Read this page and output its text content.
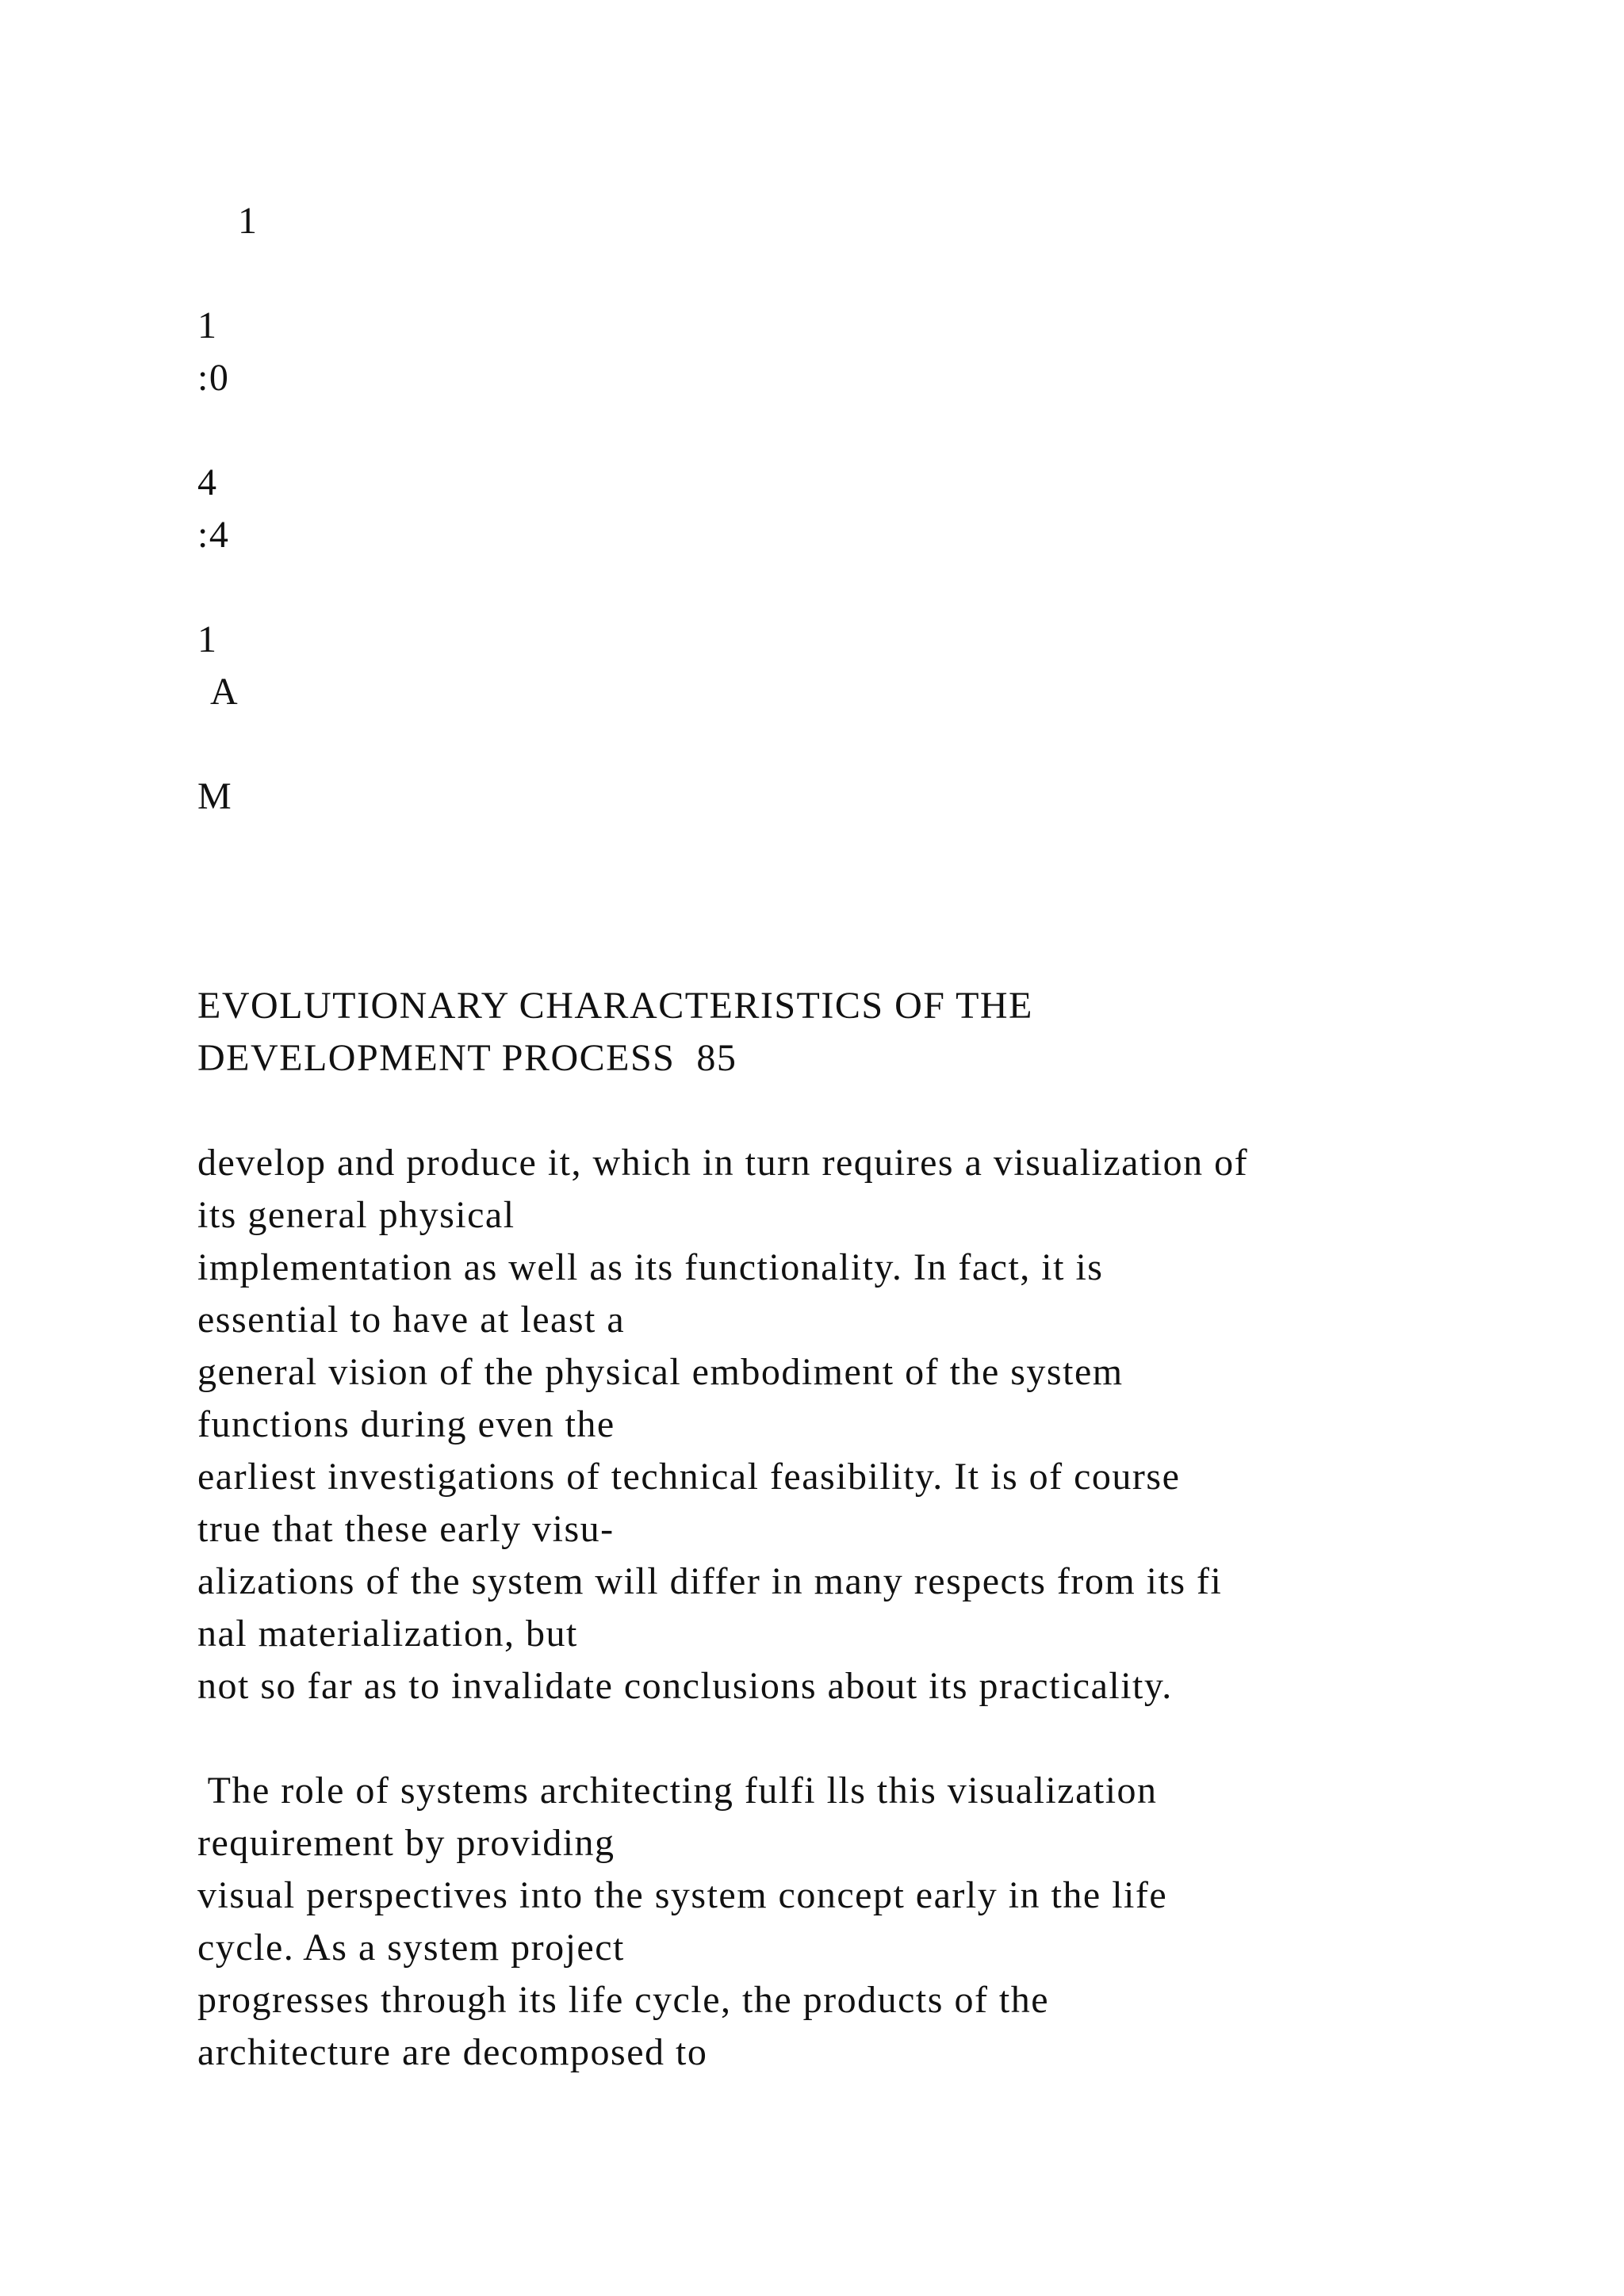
1
1
:0
4
:4
1
A
M
EVOLUTIONARY CHARACTERISTICS OF THE
DEVELOPMENT PROCESS  85
develop and produce it, which in turn requires a visualization of
its general physical
implementation as well as its functionality. In fact, it is
essential to have at least a
general vision of the physical embodiment of the system
functions during even the
earliest investigations of technical feasibility. It is of course
true that these early visu-
alizations of the system will differ in many respects from its fi
nal materialization, but
not so far as to invalidate conclusions about its practicality.
The role of systems architecting fulfi lls this visualization
requirement by providing
visual perspectives into the system concept early in the life
cycle. As a system project
progresses through its life cycle, the products of the
architecture are decomposed to
